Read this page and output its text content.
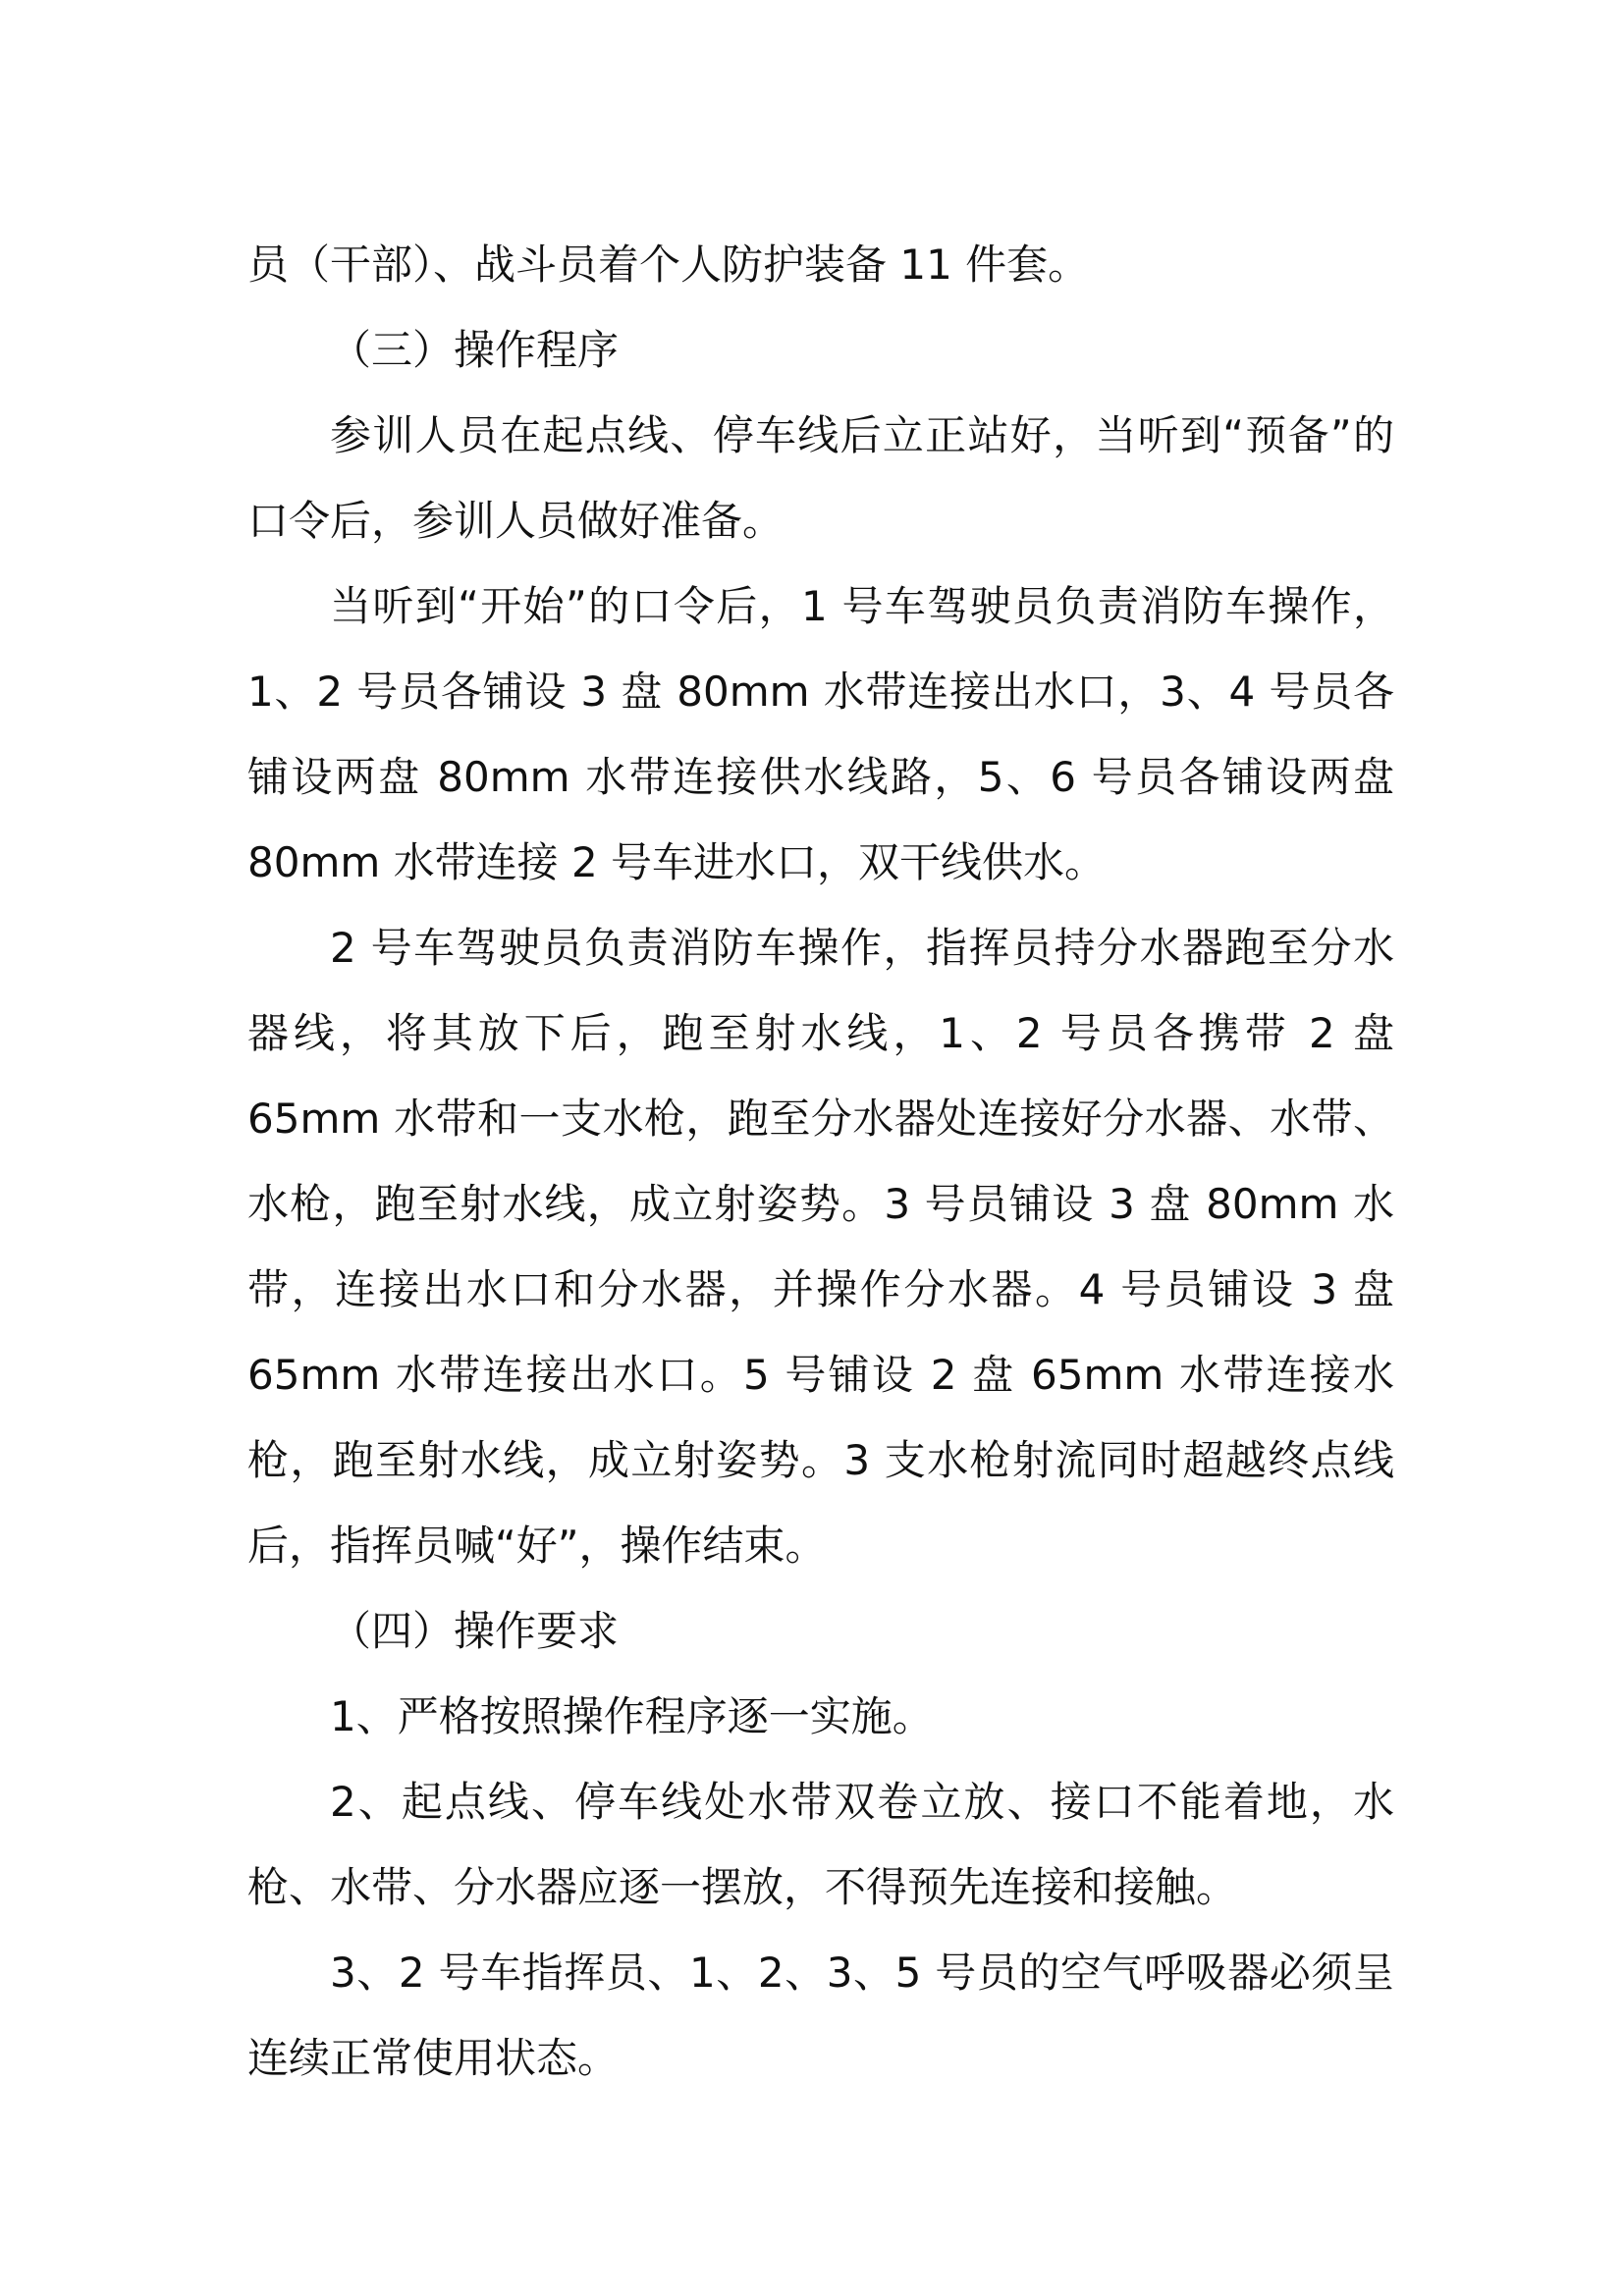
员（干部）、战斗员着个人防护装备 11 件套。

（三）操作程序

参训人员在起点线、停车线后立正站好，当听到“预备”的口令后，参训人员做好准备。

当听到“开始”的口令后，1 号车驾驶员负责消防车操作，1、2 号员各铺设 3 盘 80mm 水带连接出水口，3、4 号员各铺设两盘 80mm 水带连接供水线路，5、6 号员各铺设两盘 80mm 水带连接 2 号车进水口，双干线供水。

2 号车驾驶员负责消防车操作，指挥员持分水器跑至分水器线，将其放下后，跑至射水线，1、2 号员各携带 2 盘 65mm 水带和一支水枪，跑至分水器处连接好分水器、水带、水枪，跑至射水线，成立射姿势。3 号员铺设 3 盘 80mm 水带，连接出水口和分水器，并操作分水器。4 号员铺设 3 盘 65mm 水带连接出水口。5 号铺设 2 盘 65mm 水带连接水枪，跑至射水线，成立射姿势。3 支水枪射流同时超越终点线后，指挥员喊“好”，操作结束。

（四）操作要求

1、严格按照操作程序逐一实施。

2、起点线、停车线处水带双卷立放、接口不能着地，水枪、水带、分水器应逐一摆放，不得预先连接和接触。

3、2 号车指挥员、1、2、3、5 号员的空气呼吸器必须呈连续正常使用状态。
